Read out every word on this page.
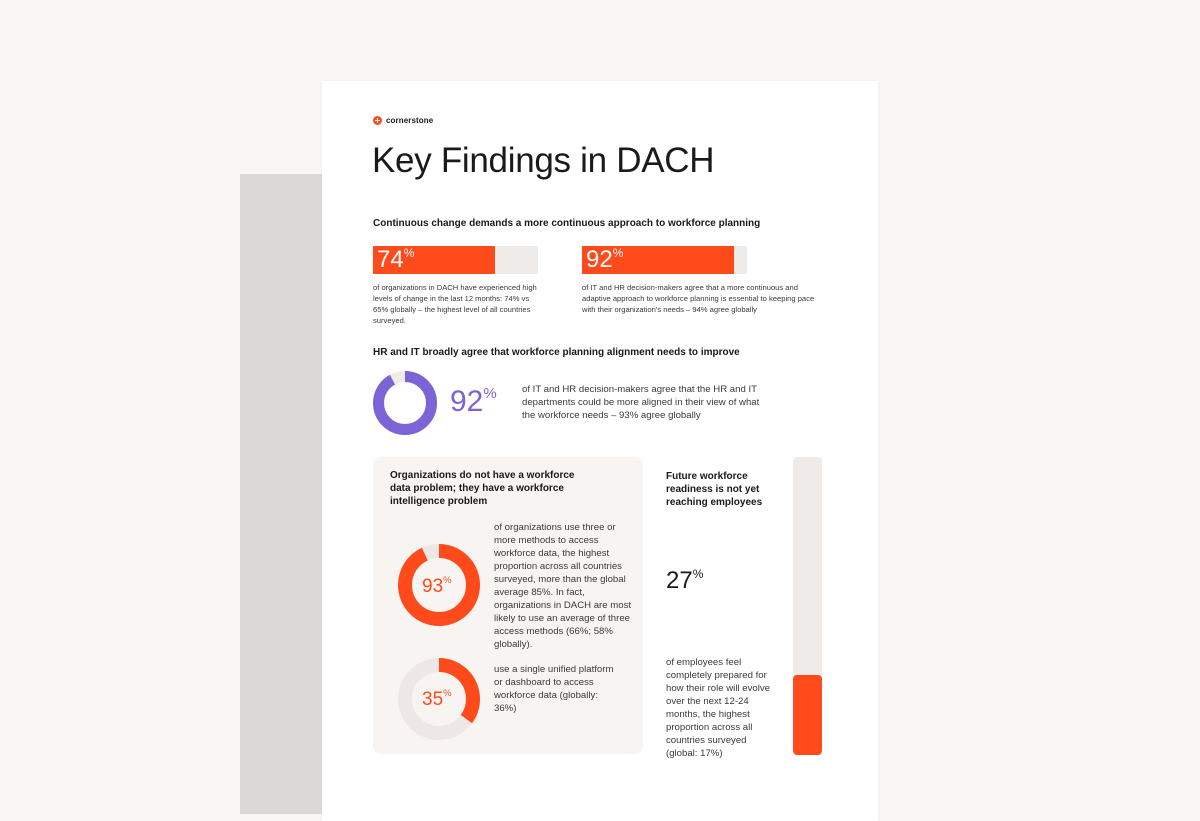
cornerstone
Key Findings in DACH
Continuous change demands a more continuous approach to workforce planning
74%

of organizations in DACH have experienced high levels of change in the last 12 months: 74% vs 65% globally – the highest level of all countries surveyed.

92%

of IT and HR decision-makers agree that a more continuous and adaptive approach to workforce planning is essential to keeping pace with their organization's needs – 94% agree globally

HR and IT broadly agree that workforce planning alignment needs to improve
92%	of IT and HR decision-makers agree that the HR and IT departments could be more aligned in their view of what the workforce needs – 93% agree globally

Organizations do not have a workforce data problem; they have a workforce intelligence problem
93%

of organizations use three or more methods to access workforce data, the highest proportion across all countries surveyed, more than the global average 85%. In fact, organizations in DACH are most likely to use an average of three access methods (66%; 58% globally).

35%

use a single unified platform or dashboard to access workforce data (globally: 36%)

Future workforce readiness is not yet reaching employees
27%

of employees feel completely prepared for how their role will evolve over the next 12-24 months, the highest proportion across all countries surveyed (global: 17%)
